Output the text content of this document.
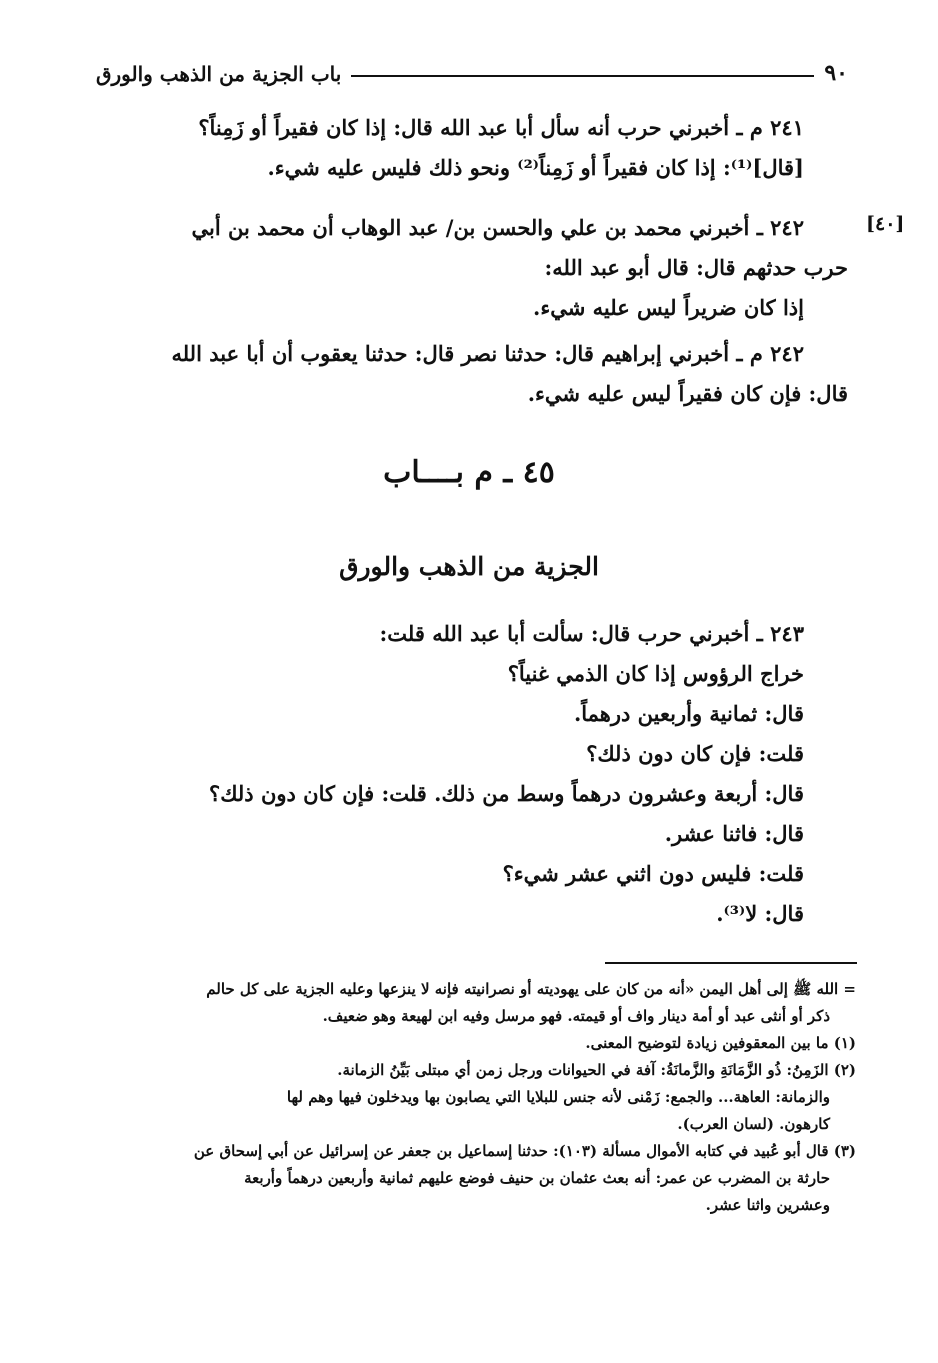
٩٠
باب الجزية من الذهب والورق
٢٤١ م ـ أخبرني حرب أنه سأل أبا عبد الله قال: إذا كان فقيراً أو زَمِناً؟
[قال]⁽¹⁾: إذا كان فقيراً أو زَمِناً⁽²⁾ ونحو ذلك فليس عليه شيء.
[٤٠]
٢٤٢ ـ أخبرني محمد بن علي والحسن بن/ عبد الوهاب أن محمد بن أبي
حرب حدثهم قال: قال أبو عبد الله:
إذا كان ضريراً ليس عليه شيء.
٢٤٢ م ـ أخبرني إبراهيم قال: حدثنا نصر قال: حدثنا يعقوب أن أبا عبد الله
قال: فإن كان فقيراً ليس عليه شيء.
٤٥ ـ م بــــاب
الجزية من الذهب والورق
٢٤٣ ـ أخبرني حرب قال: سألت أبا عبد الله قلت:
خراج الرؤوس إذا كان الذمي غنياً؟
قال: ثمانية وأربعين درهماً.
قلت: فإن كان دون ذلك؟
قال: أربعة وعشرون درهماً وسط من ذلك. قلت: فإن كان دون ذلك؟
قال: فاثنا عشر.
قلت: فليس دون اثني عشر شيء؟
قال: لا⁽³⁾.
= الله ﷺ إلى أهل اليمن «أنه من كان على يهوديته أو نصرانيته فإنه لا ينزعها وعليه الجزية على كل حالم
ذكر أو أنثى عبد أو أمة دينار واف أو قيمته. فهو مرسل وفيه ابن لهيعة وهو ضعيف.
(١) ما بين المعقوفين زيادة لتوضيح المعنى.
(٢) الزَمِنُ: ذُو الزَّمَانَةِ والزَّمانَةُ: آفة في الحيوانات ورجل زمن أي مبتلى بَيِّنُ الزمانة.
والزمانة: العاهة... والجمع: زَمْنى لأنه جنس للبلايا التي يصابون بها ويدخلون فيها وهم لها
كارهون. (لسان العرب).
(٣) قال أبو عُبيد في كتابه الأموال مسألة (١٠٣): حدثنا إسماعيل بن جعفر عن إسرائيل عن أبي إسحاق عن
حارثة بن المضرب عن عمر: أنه بعث عثمان بن حنيف فوضع عليهم ثمانية وأربعين درهماً وأربعة
وعشرين واثنا عشر.
